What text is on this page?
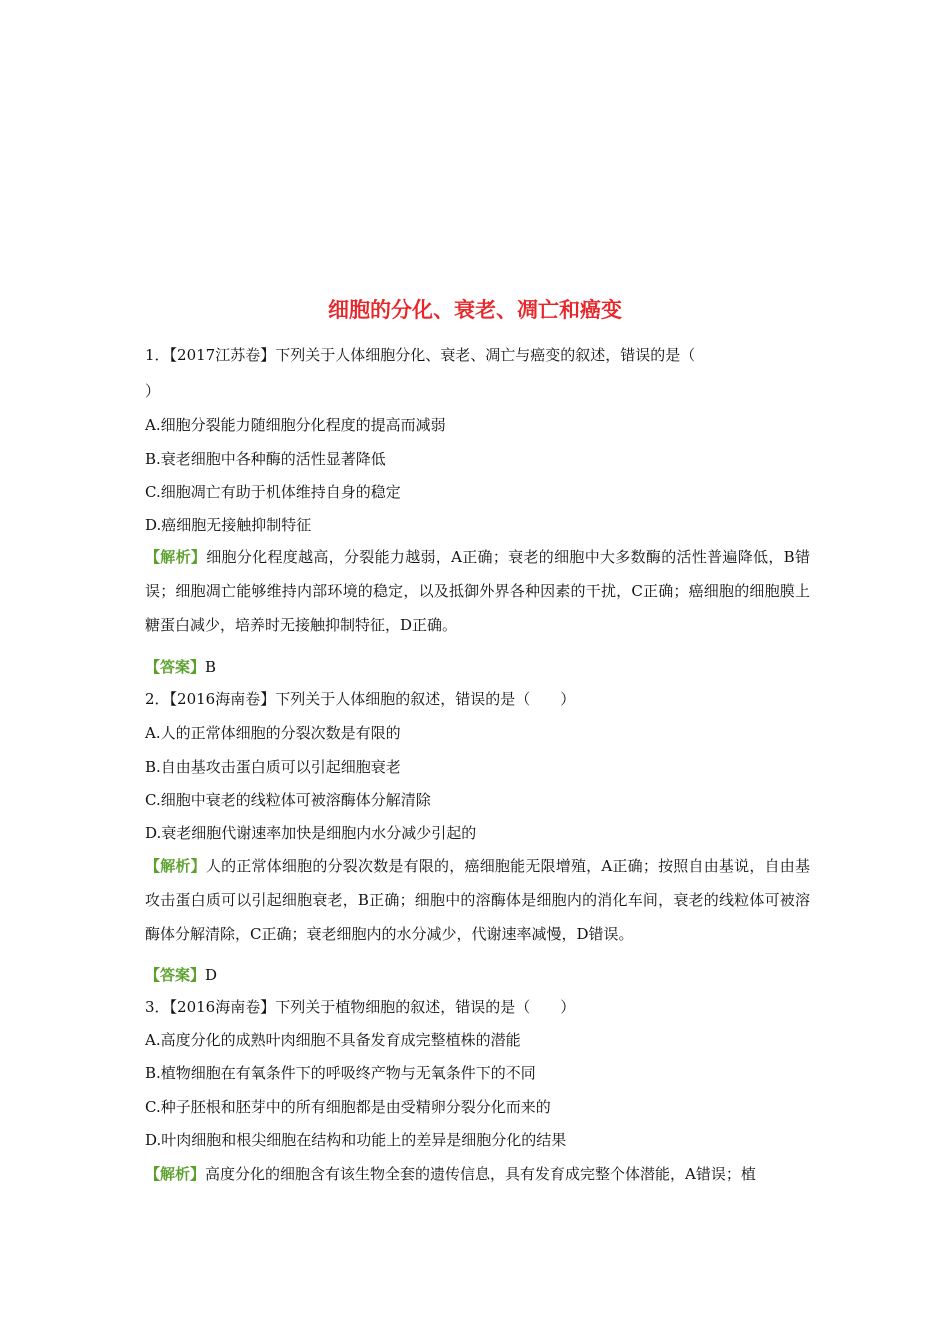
细胞的分化、衰老、凋亡和癌变
1．【2017江苏卷】下列关于人体细胞分化、衰老、凋亡与癌变的叙述，错误的是（
）
A.细胞分裂能力随细胞分化程度的提高而减弱
B.衰老细胞中各种酶的活性显著降低
C.细胞凋亡有助于机体维持自身的稳定
D.癌细胞无接触抑制特征
【解析】细胞分化程度越高，分裂能力越弱，A正确；衰老的细胞中大多数酶的活性普遍降低，B错误；细胞凋亡能够维持内部环境的稳定，以及抵御外界各种因素的干扰，C正确；癌细胞的细胞膜上糖蛋白减少，培养时无接触抑制特征，D正确。
【答案】B
2．【2016海南卷】下列关于人体细胞的叙述，错误的是（　　）
A.人的正常体细胞的分裂次数是有限的
B.自由基攻击蛋白质可以引起细胞衰老
C.细胞中衰老的线粒体可被溶酶体分解清除
D.衰老细胞代谢速率加快是细胞内水分减少引起的
【解析】人的正常体细胞的分裂次数是有限的，癌细胞能无限增殖，A正确；按照自由基说，自由基攻击蛋白质可以引起细胞衰老，B正确；细胞中的溶酶体是细胞内的消化车间，衰老的线粒体可被溶酶体分解清除，C正确；衰老细胞内的水分减少，代谢速率减慢，D错误。
【答案】D
3．【2016海南卷】下列关于植物细胞的叙述，错误的是（　　）
A.高度分化的成熟叶肉细胞不具备发育成完整植株的潜能
B.植物细胞在有氧条件下的呼吸终产物与无氧条件下的不同
C.种子胚根和胚芽中的所有细胞都是由受精卵分裂分化而来的
D.叶肉细胞和根尖细胞在结构和功能上的差异是细胞分化的结果
【解析】高度分化的细胞含有该生物全套的遗传信息，具有发育成完整个体潜能，A错误；植
